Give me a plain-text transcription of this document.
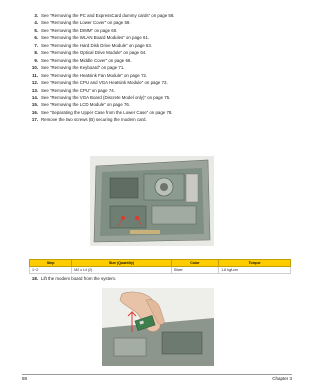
3. See “Removing the PC and ExpressCard dummy cards” on page 58.
4. See “Removing the Lower Cover” on page 59.
5. See “Removing the DIMM” on page 60.
6. See “Removing the WLAN Board Modules” on page 61.
7. See “Removing the Hard Disk Drive Module” on page 63.
8. See “Removing the Optical Drive Module” on page 64.
9. See “Removing the Middle Cover” on page 66.
10. See “Removing the Keyboard” on page 71.
11. See “Removing the Heatsink Fan Module” on page 72.
12. See “Removing the CPU and VGA Heatsink Module” on page 73.
13. See “Removing the CPU” on page 74.
14. See “Removing the VGA Board (Discrete Model only)” on page 75.
15. See “Removing the LCD Module” on page 76.
16. See “Separating the Upper Case from the Lower Case” on page 78.
17. Remove the two screws (B) securing the modem card.
Step	Size (Quantity)	Color	Torque
1~2	M2 x L4 (2)	Silver	1.6 kgf-cm
18. Lift the modem board from the system.
88	Chapter 3
